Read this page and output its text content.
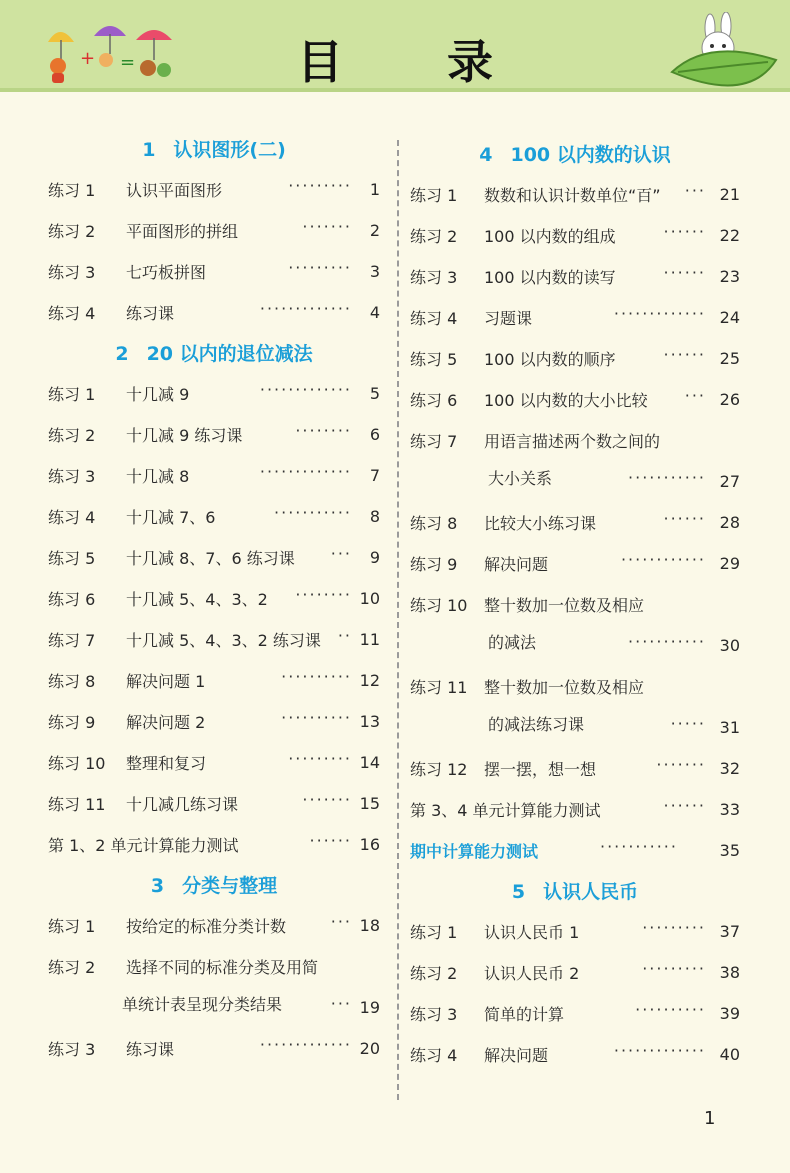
+ =	目 录
1 认识图形(二)
练习 1 认识平面图形	········· 1
练习 2 平面图形的拼组	······· 2
练习 3 七巧板拼图	········· 3
练习 4 练习课	············· 4
2 20 以内的退位减法
练习 1 十几减 9	············· 5
练习 2 十几减 9 练习课	········ 6
练习 3 十几减 8	············· 7
练习 4 十几减 7、6	··········· 8
练习 5 十几减 8、7、6 练习课 ··· 9
练习 6 十几减 5、4、3、2 ········ 10
练习 7 十几减 5、4、3、2 练习课 ·· 11
练习 8 解决问题 1	·········· 12
练习 9 解决问题 2	·········· 13
练习 10 整理和复习	········· 14
练习 11 十几减几练习课	······· 15
第 1、2 单元计算能力测试	······ 16
3 分类与整理
练习 1 按给定的标准分类计数	··· 18
练习 2 选择不同的标准分类及用简
单统计表呈现分类结果	··· 19
练习 3 练习课	············· 20
4 100 以内数的认识
练习 1 数数和认识计数单位“百” ··· 21
练习 2 100 以内数的组成	······ 22
练习 3 100 以内数的读写	······ 23
练习 4 习题课	············· 24
练习 5 100 以内数的顺序	······ 25
练习 6 100 以内数的大小比较 ··· 26
练习 7 用语言描述两个数之间的
大小关系	··········· 27
练习 8 比较大小练习课	······ 28
练习 9 解决问题	············ 29
练习 10 整十数加一位数及相应
的减法	··········· 30
练习 11 整十数加一位数及相应
的减法练习课	····· 31
练习 12 摆一摆，想一想	······· 32
第 3、4 单元计算能力测试	······ 33
期中计算能力测试	···········	35
5 认识人民币
练习 1 认识人民币 1	········· 37
练习 2 认识人民币 2	········· 38
练习 3 简单的计算	·········· 39
练习 4 解决问题	············· 40
1
